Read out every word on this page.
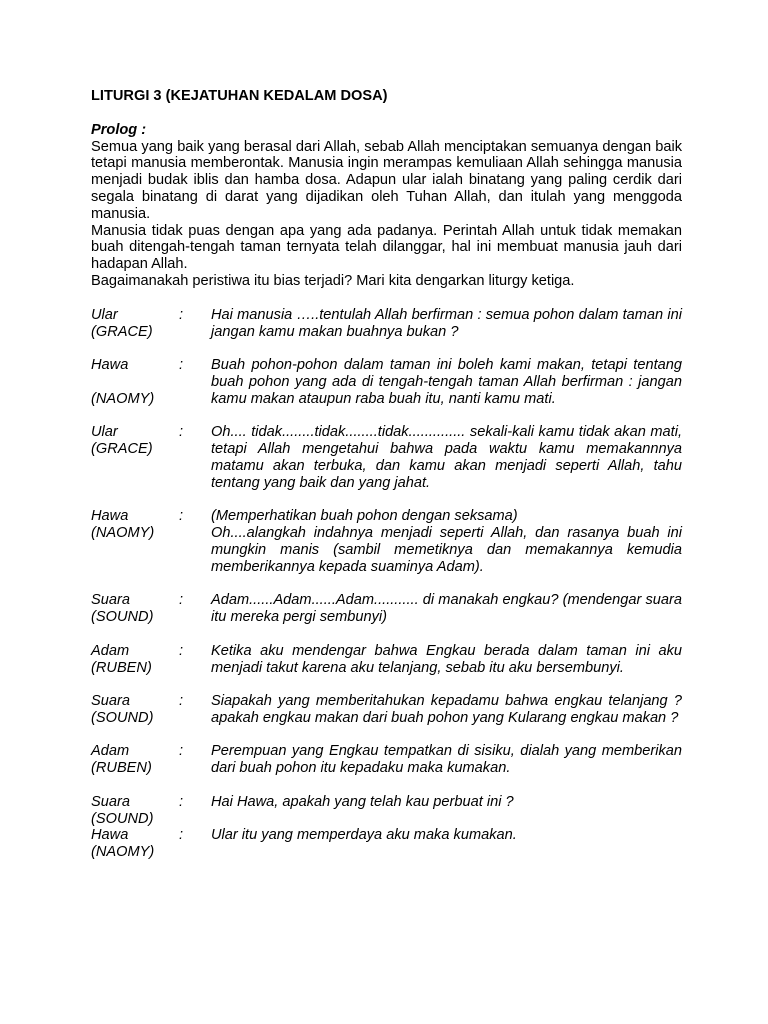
LITURGI 3 (KEJATUHAN KEDALAM DOSA)
Prolog :
Semua yang baik yang berasal dari Allah, sebab Allah menciptakan semuanya dengan baik tetapi manusia memberontak. Manusia ingin merampas kemuliaan Allah sehingga manusia menjadi budak iblis dan hamba dosa. Adapun ular ialah binatang yang paling cerdik dari segala binatang di darat yang dijadikan oleh Tuhan Allah, dan itulah yang menggoda manusia.
Manusia tidak puas dengan apa yang ada padanya. Perintah Allah untuk tidak memakan buah ditengah-tengah taman ternyata telah dilanggar, hal ini membuat manusia jauh dari hadapan Allah.
Bagaimanakah peristiwa itu bias terjadi? Mari kita dengarkan liturgy ketiga.
Ular
(GRACE)
:	Hai manusia …..tentulah Allah berfirman : semua pohon dalam taman ini jangan kamu makan buahnya bukan ?
Hawa
(NAOMY)
:	Buah pohon-pohon dalam taman ini boleh kami makan, tetapi tentang buah pohon yang ada di tengah-tengah taman Allah berfirman : jangan kamu makan ataupun raba buah itu, nanti kamu mati.
Ular
(GRACE)
:	Oh.... tidak........tidak........tidak.............. sekali-kali kamu tidak akan mati, tetapi Allah mengetahui bahwa pada waktu kamu memakannnya matamu akan terbuka, dan kamu akan menjadi seperti Allah, tahu tentang yang baik dan yang jahat.
Hawa
(NAOMY)
:	(Memperhatikan buah pohon dengan seksama)
Oh....alangkah indahnya menjadi seperti Allah, dan rasanya buah ini mungkin manis (sambil memetiknya dan memakannya kemudia memberikannya kepada suaminya Adam).
Suara
(SOUND)
:	Adam......Adam......Adam........... di manakah engkau? (mendengar suara itu mereka pergi sembunyi)
Adam
(RUBEN)
:	Ketika aku mendengar bahwa Engkau berada dalam taman ini aku menjadi takut karena aku telanjang, sebab itu aku bersembunyi.
Suara
(SOUND)
:	Siapakah yang memberitahukan kepadamu bahwa engkau telanjang ? apakah engkau makan dari buah pohon yang Kularang engkau makan ?
Adam
(RUBEN)
:	Perempuan yang Engkau tempatkan di sisiku, dialah yang memberikan dari buah pohon itu kepadaku maka kumakan.
Suara
(SOUND)
:	Hai Hawa, apakah yang telah kau perbuat ini ?
Hawa
(NAOMY)
:	Ular itu yang memperdaya aku maka kumakan.
